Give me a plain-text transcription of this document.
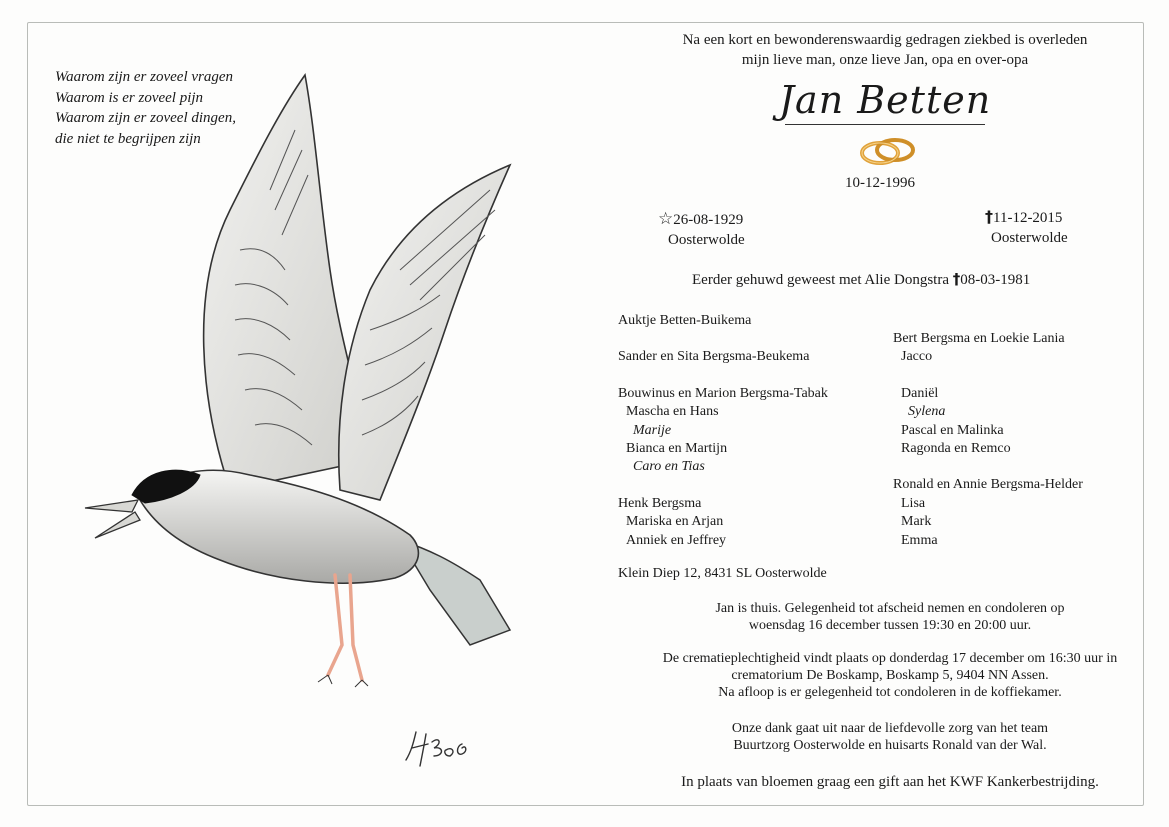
Waarom zijn er zoveel vragen
Waarom is er zoveel pijn
Waarom zijn er zoveel dingen,
die niet te begrijpen zijn
Na een kort en bewonderenswaardig gedragen ziekbed is overleden
mijn lieve man, onze lieve Jan, opa en over-opa
Jan Betten
10-12-1996
☆26-08-1929
Oosterwolde
†11-12-2015
Oosterwolde
Eerder gehuwd geweest met Alie Dongstra †08-03-1981
Auktje Betten-Buikema
Sander en Sita Bergsma-Beukema
Bouwinus en Marion Bergsma-Tabak
Mascha en Hans
Marije
Bianca en Martijn
Caro en Tias
Henk Bergsma
Mariska en Arjan
Anniek en Jeffrey
Bert Bergsma en Loekie Lania
Jacco
Daniël
Sylena
Pascal en Malinka
Ragonda en Remco
Ronald en Annie Bergsma-Helder
Lisa
Mark
Emma
Klein Diep 12, 8431 SL Oosterwolde
Jan is thuis. Gelegenheid tot afscheid nemen en condoleren op
woensdag 16 december tussen 19:30 en 20:00 uur.
De crematieplechtigheid vindt plaats op donderdag 17 december om 16:30 uur in
crematorium De Boskamp, Boskamp 5, 9404 NN Assen.
Na afloop is er gelegenheid tot condoleren in de koffiekamer.
Onze dank gaat uit naar de liefdevolle zorg van het team
Buurtzorg Oosterwolde en huisarts Ronald van der Wal.
In plaats van bloemen graag een gift aan het KWF Kankerbestrijding.
